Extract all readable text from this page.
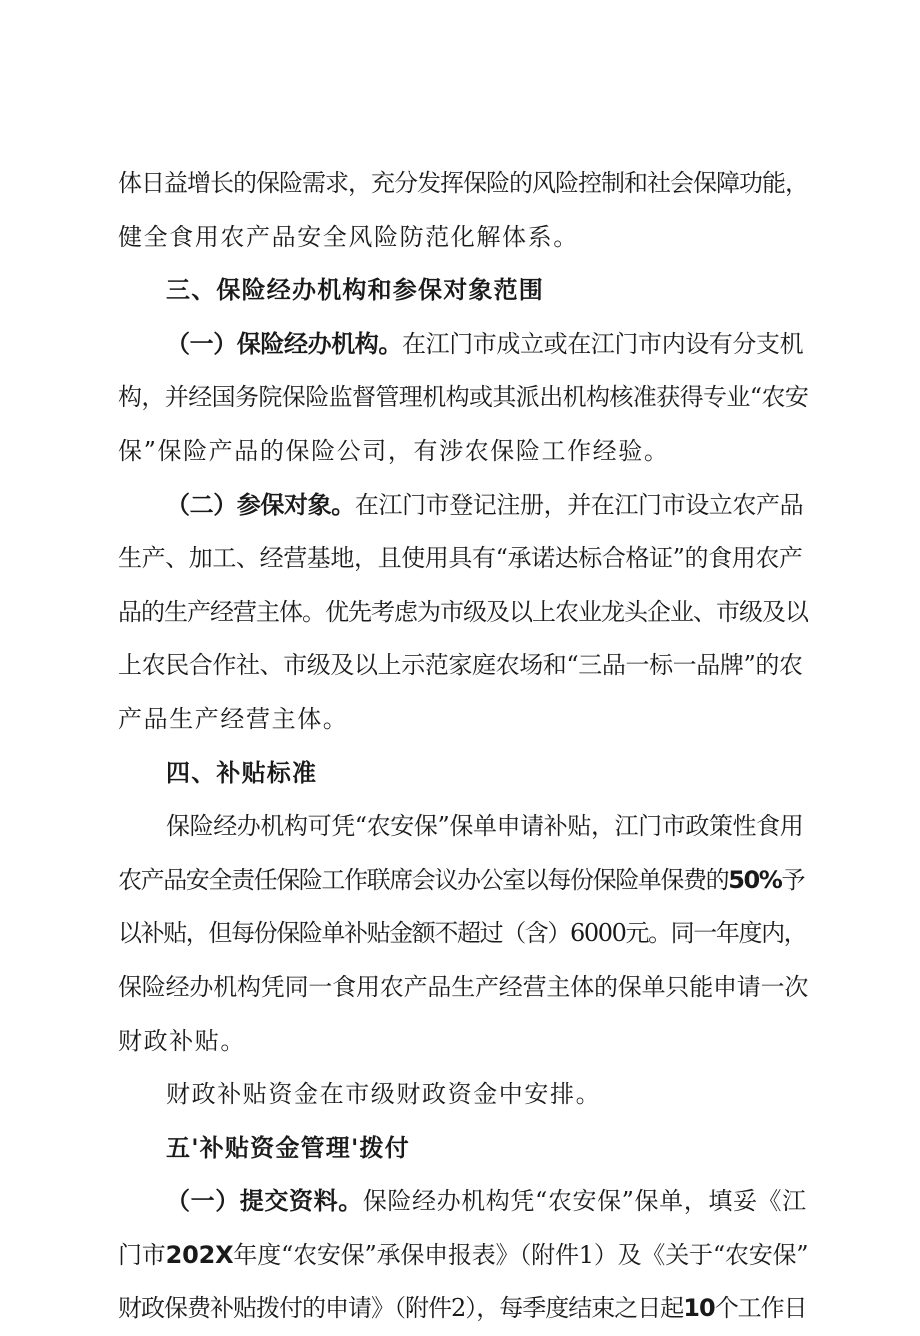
体日益增长的保险需求，充分发挥保险的风险控制和社会保障功能，
健全食用农产品安全风险防范化解体系。
三、保险经办机构和参保对象范围
（一）保险经办机构。在江门市成立或在江门市内设有分支机
构，并经国务院保险监督管理机构或其派出机构核准获得专业“农安
保”保险产品的保险公司，有涉农保险工作经验。
（二）参保对象。在江门市登记注册，并在江门市设立农产品
生产、加工、经营基地，且使用具有“承诺达标合格证”的食用农产
品的生产经营主体。优先考虑为市级及以上农业龙头企业、市级及以
上农民合作社、市级及以上示范家庭农场和“三品一标一品牌”的农
产品生产经营主体。
四、补贴标准
保险经办机构可凭“农安保”保单申请补贴，江门市政策性食用
农产品安全责任保险工作联席会议办公室以每份保险单保费的50%予
以补贴，但每份保险单补贴金额不超过（含）6000元。同一年度内，
保险经办机构凭同一食用农产品生产经营主体的保单只能申请一次
财政补贴。
财政补贴资金在市级财政资金中安排。
五'补贴资金管理'拨付
（一）提交资料。保险经办机构凭“农安保”保单，填妥《江
门市202X年度“农安保”承保申报表》（附件1）及《关于“农安保”
财政保费补贴拨付的申请》（附件2），每季度结束之日起10个工作日
